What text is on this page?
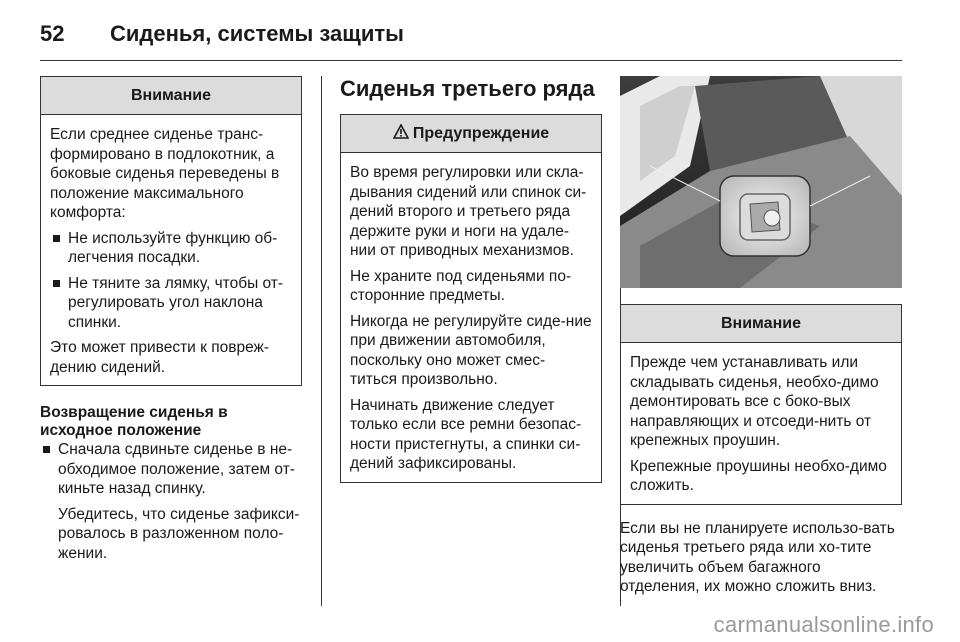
52	Сиденья, системы защиты
Внимание

Если среднее сиденье транс-формировано в подлокотник, а боковые сиденья переведены в положение максимального комфорта:

Не используйте функцию об-легчения посадки.
Не тяните за лямку, чтобы от-регулировать угол наклона спинки.

Это может привести к повреж-дению сидений.

Возвращение сиденья в исходное положение
Сначала сдвиньте сиденье в не-обходимое положение, затем от-киньте назад спинку.

Убедитесь, что сиденье зафикси-ровалось в разложенном поло-жении.

Сиденья третьего ряда
Предупреждение

Во время регулировки или скла-дывания сидений или спинок си-дений второго и третьего ряда держите руки и ноги на удале-нии от приводных механизмов.

Не храните под сиденьями по-сторонние предметы.

Никогда не регулируйте сиде-ние при движении автомобиля, поскольку оно может смес-титься произвольно.

Начинать движение следует только если все ремни безопас-ности пристегнуты, а спинки си-дений зафиксированы.

Внимание

Прежде чем устанавливать или складывать сиденья, необхо-димо демонтировать все с боко-вых направляющих и отсоеди-нить от крепежных проушин.

Крепежные проушины необхо-димо сложить.

Если вы не планируете использо-вать сиденья третьего ряда или хо-тите увеличить объем багажного отделения, их можно сложить вниз.

carmanualsonline.info
